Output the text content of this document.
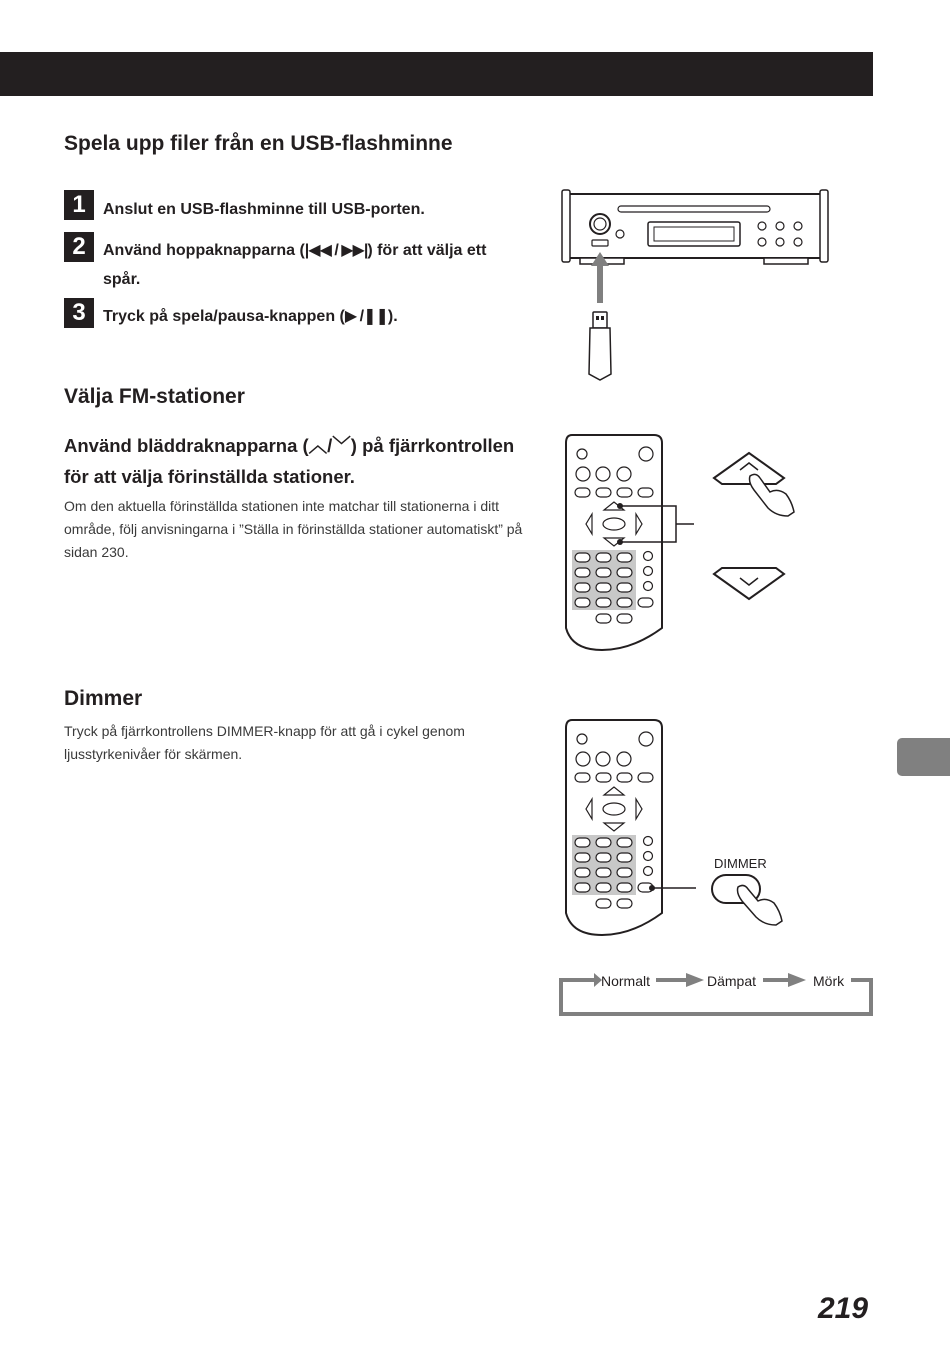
Spela upp filer från en USB-flashminne
1	Anslut en USB-flashminne till USB-porten.

2	Använd hoppaknapparna (|◀◀ / ▶▶|) för att välja ett spår.

3	Tryck på spela/pausa-knappen (▶ /❚❚).

Välja FM-stationer

Använd bläddraknapparna (︿/﹀) på fjärrkontrollen för att välja förinställda stationer.

Om den aktuella förinställda stationen inte matchar till stationerna i ditt område, följ anvisningarna i ”Ställa in förinställda stationer automatiskt” på sidan 230.

Dimmer

Tryck på fjärrkontrollens DIMMER-knapp för att gå i cykel genom ljusstyrkenivåer för skärmen.

DIMMER
Normalt	Dämpat	Mörk
219
